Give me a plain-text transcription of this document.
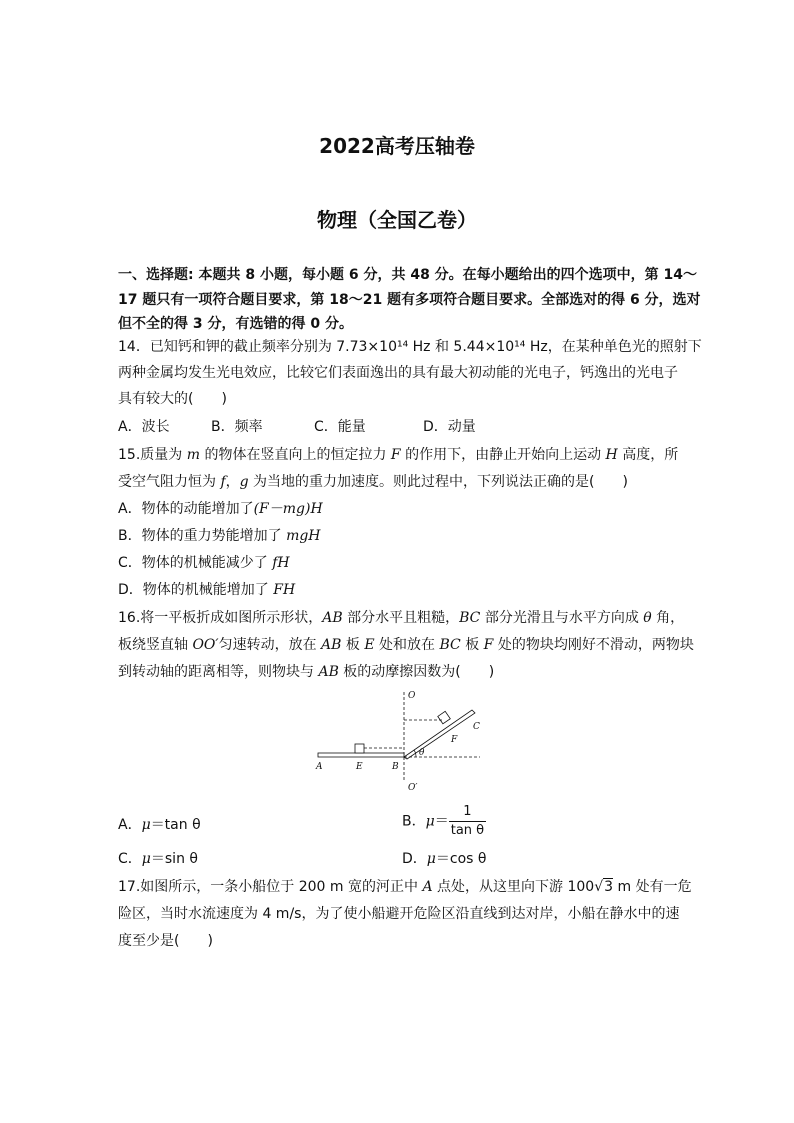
2022高考压轴卷
物理（全国乙卷）
一、选择题: 本题共 8 小题，每小题 6 分，共 48 分。在每小题给出的四个选项中，第 14～
17 题只有一项符合题目要求，第 18～21 题有多项符合题目要求。全部选对的得 6 分，选对
但不全的得 3 分，有选错的得 0 分。
14．已知钙和钾的截止频率分别为 7.73×10¹⁴ Hz 和 5.44×10¹⁴ Hz，在某种单色光的照射下
两种金属均发生光电效应，比较它们表面逸出的具有最大初动能的光电子，钙逸出的光电子
具有较大的(　　)
A．波长	B．频率	C．能量	D．动量
15.质量为 m 的物体在竖直向上的恒定拉力 F 的作用下，由静止开始向上运动 H 高度，所
受空气阻力恒为 f，g 为当地的重力加速度。则此过程中，下列说法正确的是(　　)
A．物体的动能增加了(F－mg)H
B．物体的重力势能增加了 mgH
C．物体的机械能减少了 fH
D．物体的机械能增加了 FH
16.将一平板折成如图所示形状，AB 部分水平且粗糙，BC 部分光滑且与水平方向成 θ 角，
板绕竖直轴 OO′匀速转动，放在 AB 板 E 处和放在 BC 板 F 处的物块均刚好不滑动，两物块
到转动轴的距离相等，则物块与 AB 板的动摩擦因数为(　　)
O
O′
A	E	B
F
C
θ
A．μ＝tan θ	B．$\mu= \frac{1}{\text{tan θ}}$
C．μ＝sin θ	D．μ＝cos θ
17.如图所示，一条小船位于 200 m 宽的河正中 A 点处，从这里向下游 100√3 m 处有一危
险区，当时水流速度为 4 m/s，为了使小船避开危险区沿直线到达对岸，小船在静水中的速
度至少是(　　)
